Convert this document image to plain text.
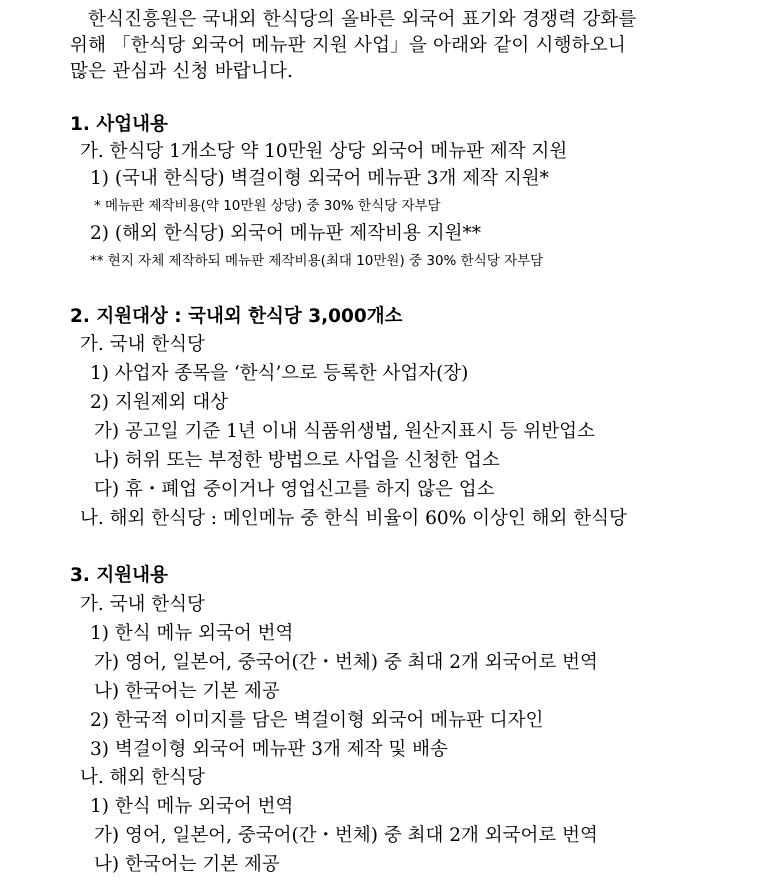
한식진흥원은 국내외 한식당의 올바른 외국어 표기와 경쟁력 강화를
위해 「한식당 외국어 메뉴판 지원 사업」을 아래와 같이 시행하오니
많은 관심과 신청 바랍니다.
1. 사업내용
가. 한식당 1개소당 약 10만원 상당 외국어 메뉴판 제작 지원
1) (국내 한식당) 벽걸이형 외국어 메뉴판 3개 제작 지원*
* 메뉴판 제작비용(약 10만원 상당) 중 30% 한식당 자부담
2) (해외 한식당) 외국어 메뉴판 제작비용 지원**
** 현지 자체 제작하되 메뉴판 제작비용(최대 10만원) 중 30% 한식당 자부담
2. 지원대상 : 국내외 한식당 3,000개소
가. 국내 한식당
1) 사업자 종목을 ‘한식’으로 등록한 사업자(장)
2) 지원제외 대상
가) 공고일 기준 1년 이내 식품위생법, 원산지표시 등 위반업소
나) 허위 또는 부정한 방법으로 사업을 신청한 업소
다) 휴・폐업 중이거나 영업신고를 하지 않은 업소
나. 해외 한식당 : 메인메뉴 중 한식 비율이 60% 이상인 해외 한식당
3. 지원내용
가. 국내 한식당
1) 한식 메뉴 외국어 번역
가) 영어, 일본어, 중국어(간・번체) 중 최대 2개 외국어로 번역
나) 한국어는 기본 제공
2) 한국적 이미지를 담은 벽걸이형 외국어 메뉴판 디자인
3) 벽걸이형 외국어 메뉴판 3개 제작 및 배송
나. 해외 한식당
1) 한식 메뉴 외국어 번역
가) 영어, 일본어, 중국어(간・번체) 중 최대 2개 외국어로 번역
나) 한국어는 기본 제공
